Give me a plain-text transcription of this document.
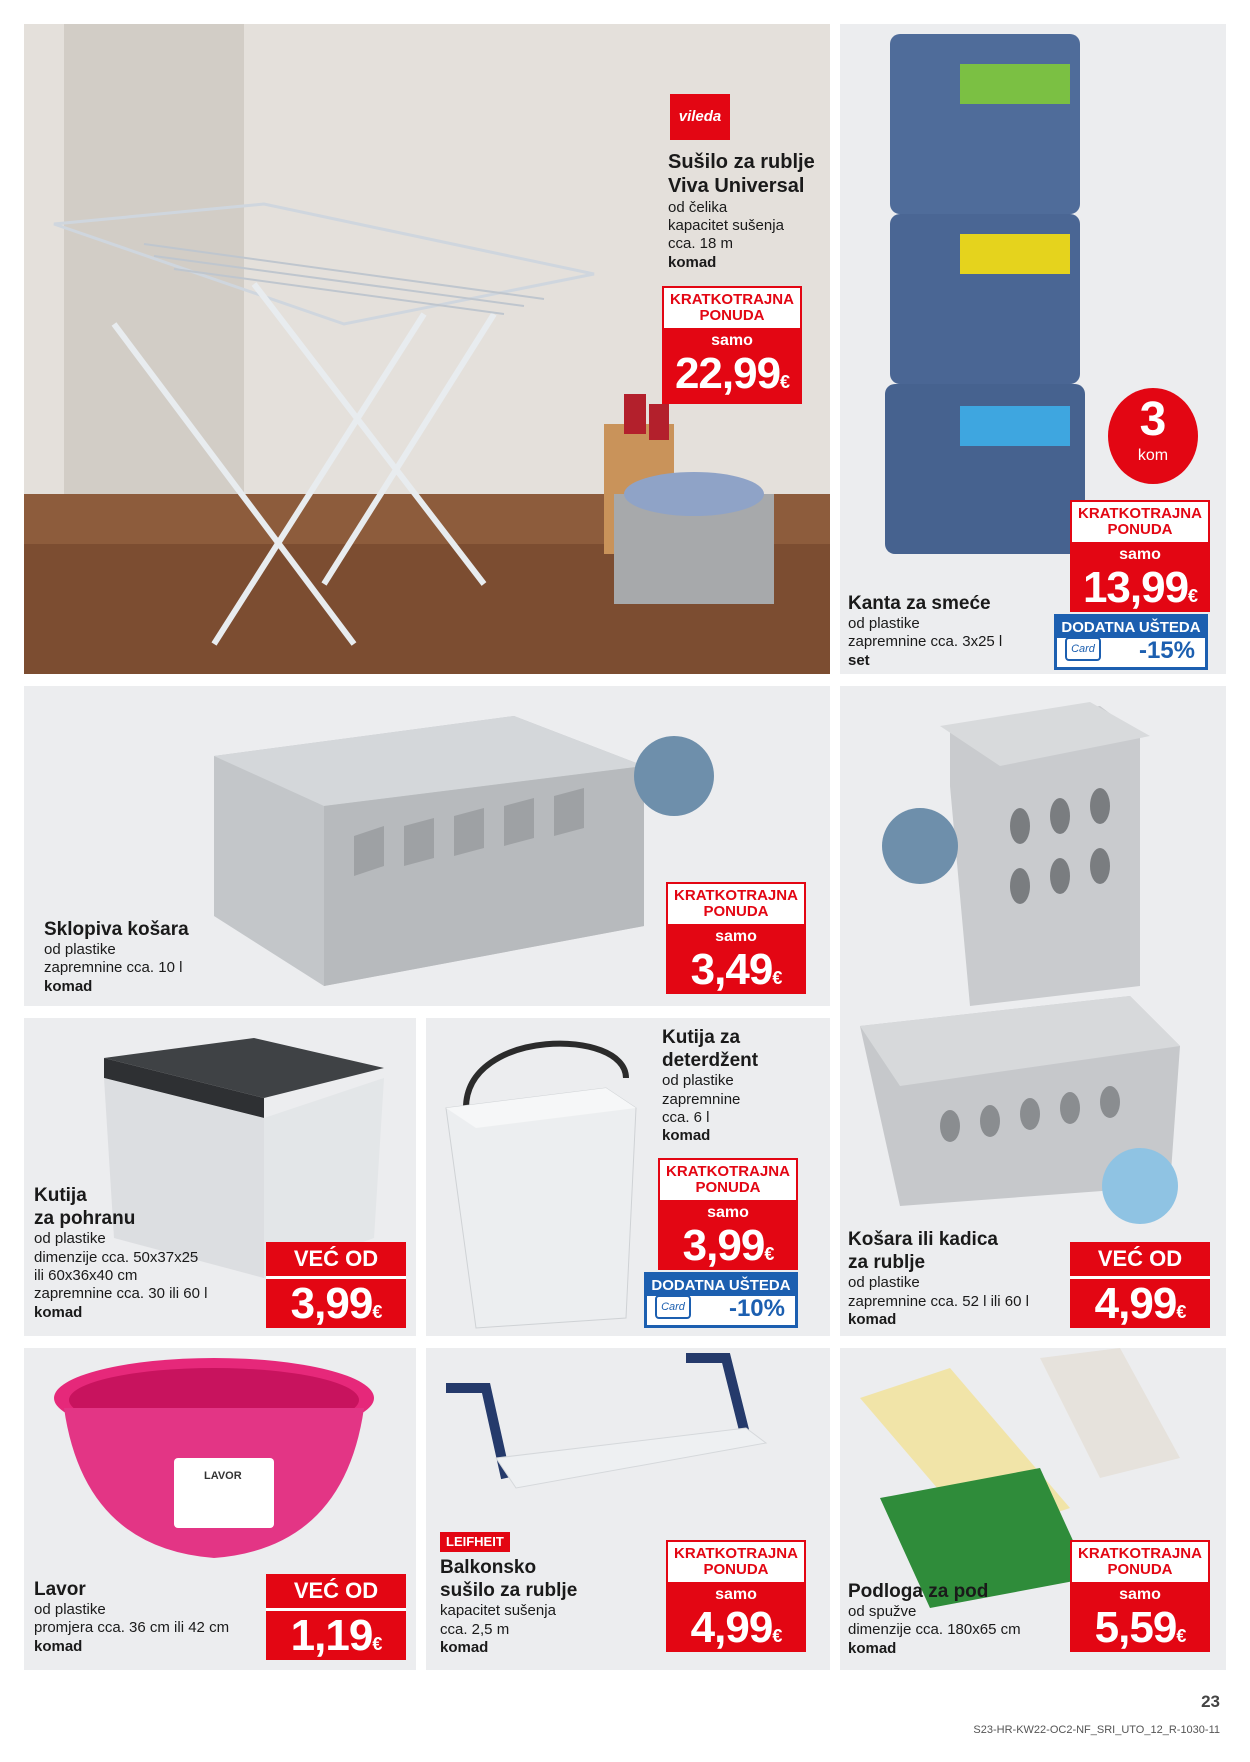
vileda
Sušilo za rublje Viva Universal
od čelika
kapacitet sušenja
cca. 18 m
komad
KRATKOTRAJNA PONUDA
samo
22,99€
3
kom
Kanta za smeće
od plastike
zapremnine cca. 3x25 l
set
KRATKOTRAJNA PONUDA
samo
13,99€
DODATNA UŠTEDA
Card -15%
Sklopiva košara
od plastike
zapremnine cca. 10 l
komad
KRATKOTRAJNA PONUDA
samo
3,49€
Košara ili kadica
za rublje
od plastike
zapremnine cca. 52 l ili 60 l
komad
VEĆ OD
4,99€
Kutija
za pohranu
od plastike
dimenzije cca. 50x37x25
ili 60x36x40 cm
zapremnine cca. 30 ili 60 l
komad
VEĆ OD
3,99€
Kutija za
deterdžent
od plastike
zapremnine
cca. 6 l
komad
KRATKOTRAJNA PONUDA
samo
3,99€
DODATNA UŠTEDA
Card -10%
LAVOR
Lavor
od plastike
promjera cca. 36 cm ili 42 cm
komad
VEĆ OD
1,19€
LEIFHEIT
Balkonsko
sušilo za rublje
kapacitet sušenja
cca. 2,5 m
komad
KRATKOTRAJNA PONUDA
samo
4,99€
Podloga za pod
od spužve
dimenzije cca. 180x65 cm
komad
KRATKOTRAJNA PONUDA
samo
5,59€
23
S23-HR-KW22-OC2-NF_SRI_UTO_12_R-1030-11
